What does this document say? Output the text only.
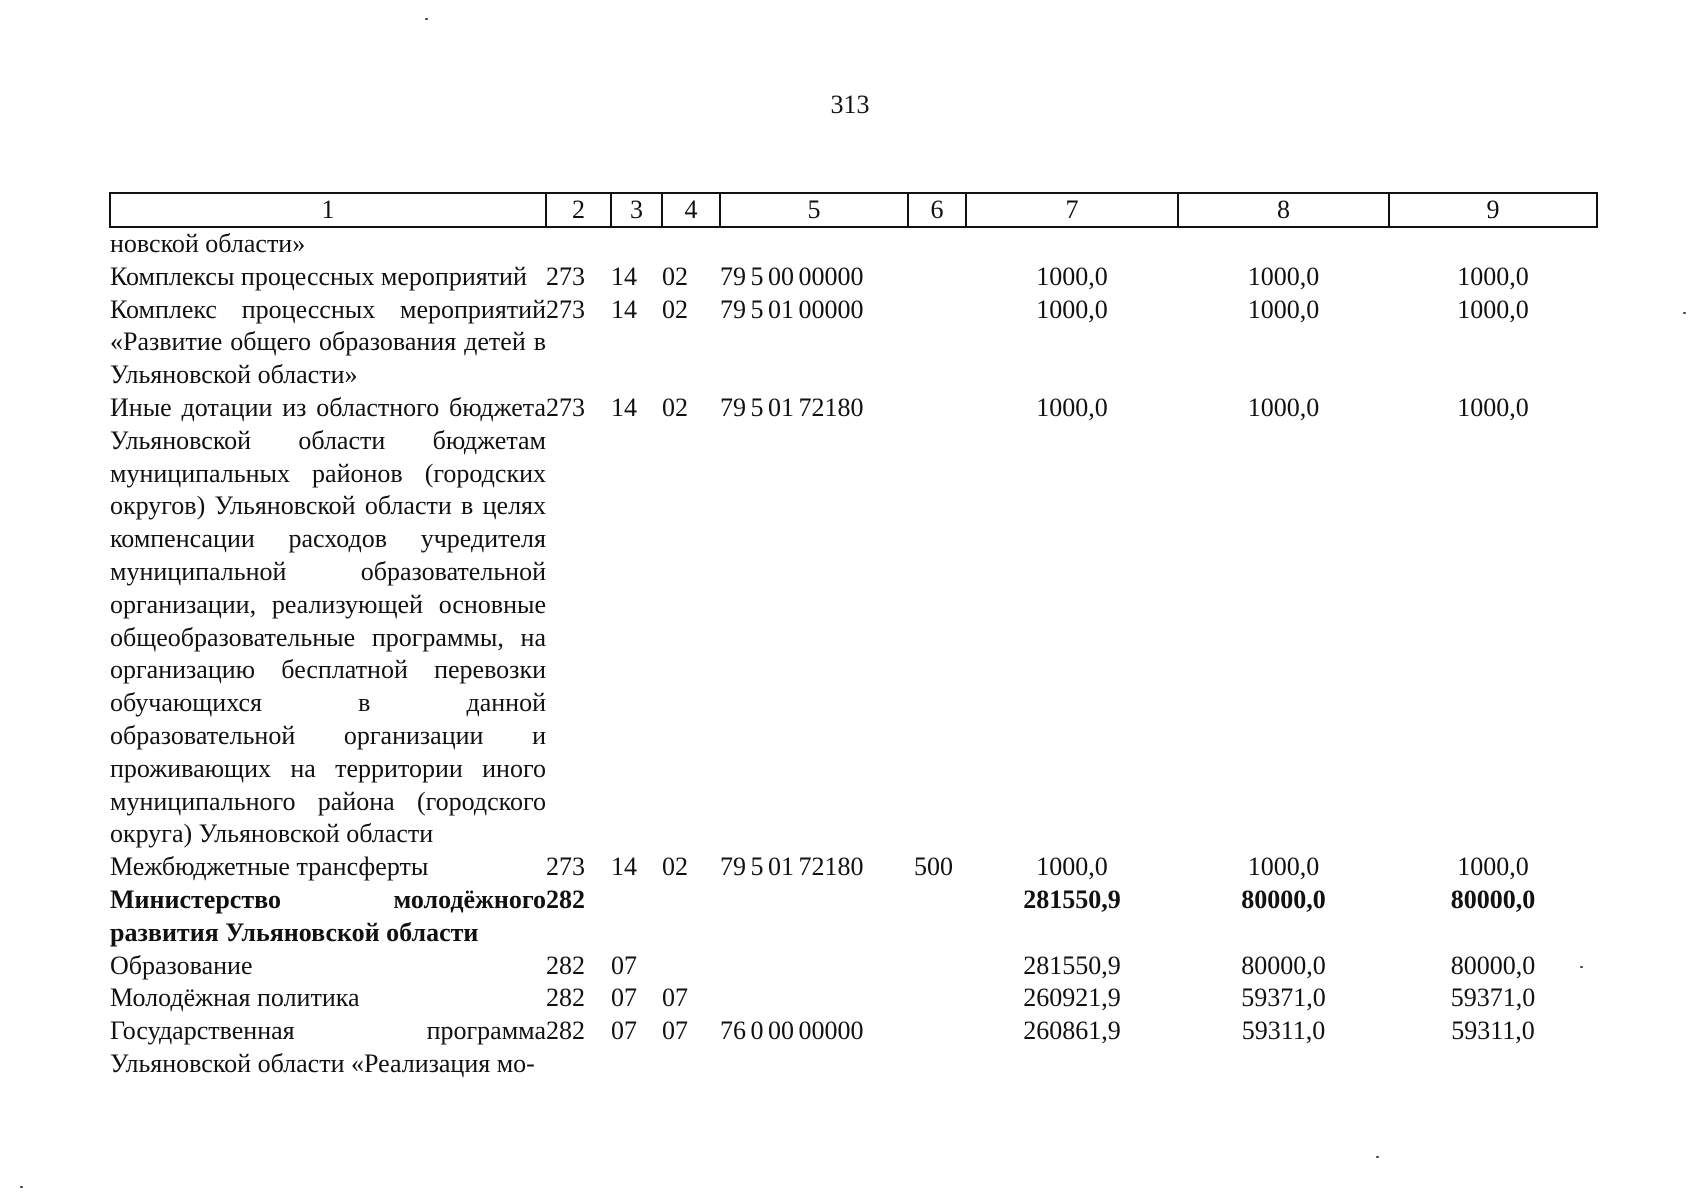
313
1	2	3	4	5	6	7	8	9
новской области»								
Комплексы процессных мероприятий	273	14	02	79 5 00 00000		1000,0	1000,0	1000,0
Комплекс процессных мероприятий «Развитие общего образования детей в Ульяновской области»	273	14	02	79 5 01 00000		1000,0	1000,0	1000,0
Иные дотации из областного бюджета Ульяновской области бюджетам муниципальных районов (городских округов) Ульяновской области в целях компенсации расходов учредителя муниципальной образовательной организации, реализующей основные общеобразовательные программы, на организацию бесплатной перевозки обучающихся в данной образовательной организации и проживающих на территории иного муниципального района (городского округа) Ульяновской области	273	14	02	79 5 01 72180		1000,0	1000,0	1000,0
Межбюджетные трансферты	273	14	02	79 5 01 72180	500	1000,0	1000,0	1000,0
Министерство молодёжного развития Ульяновской области	282					281550,9	80000,0	80000,0
Образование	282	07				281550,9	80000,0	80000,0
Молодёжная политика	282	07	07			260921,9	59371,0	59371,0
Государственная программа Ульяновской области «Реализация мо-	282	07	07	76 0 00 00000		260861,9	59311,0	59311,0
